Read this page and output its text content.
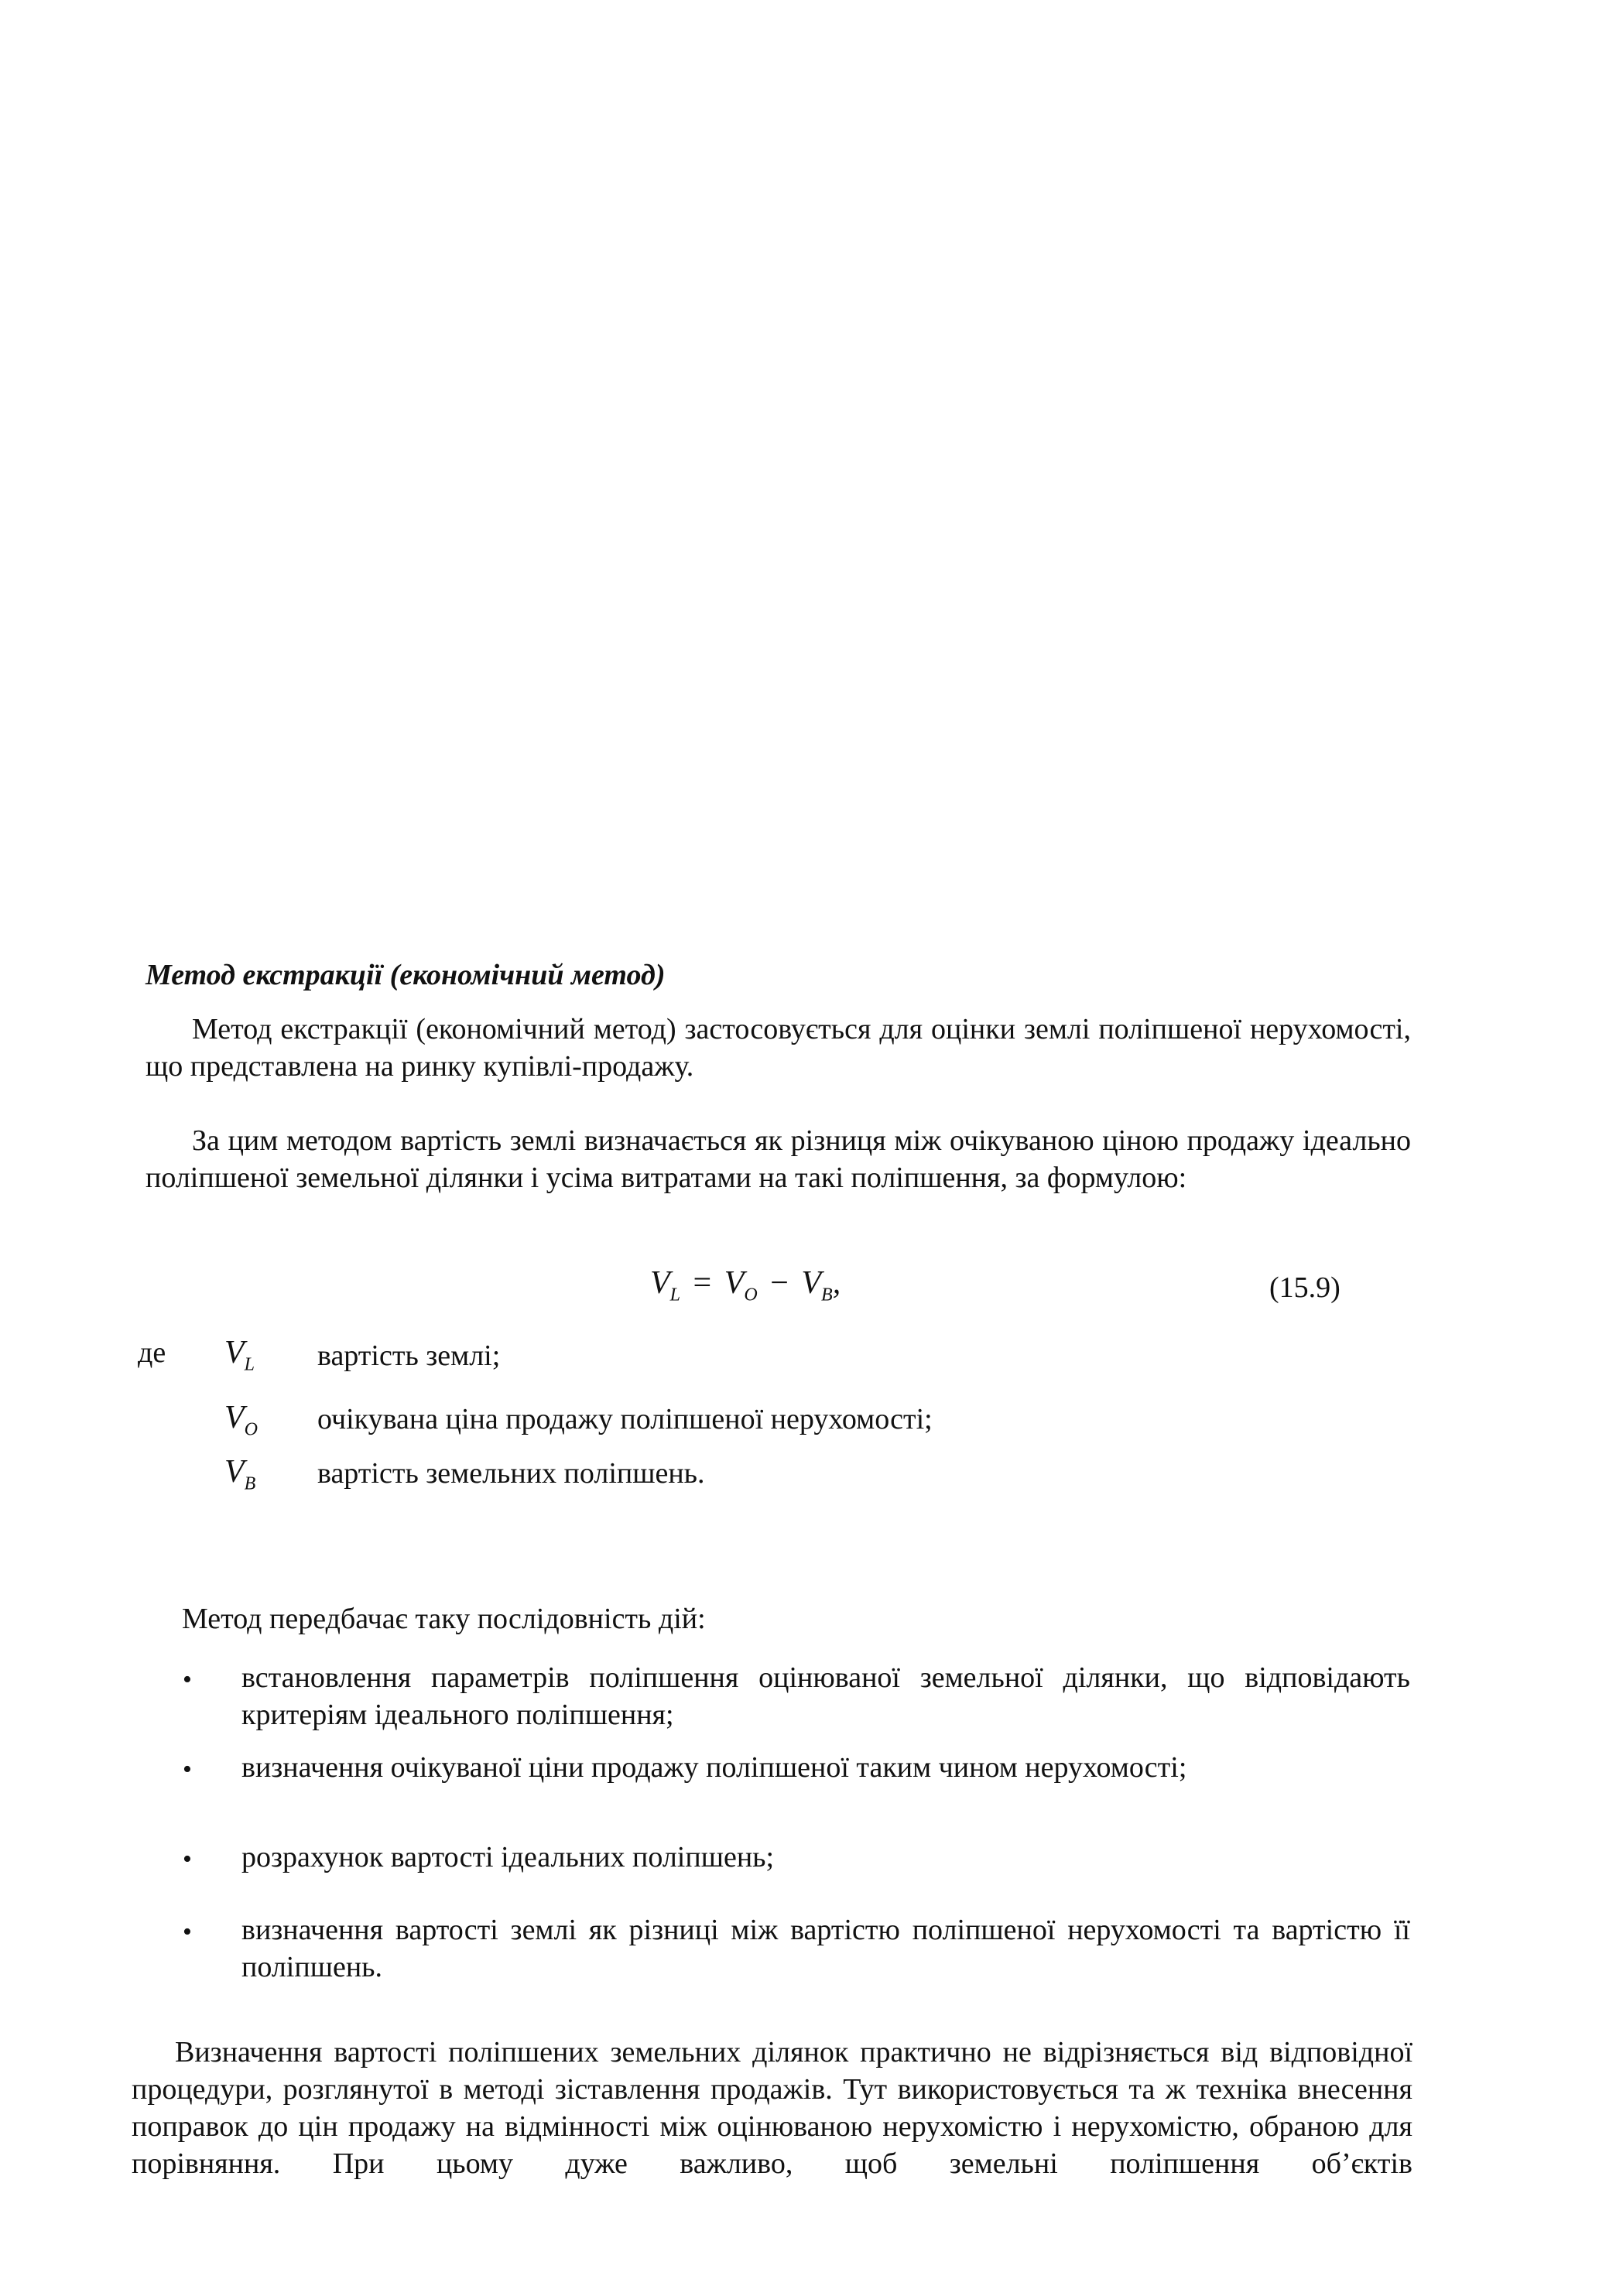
Метод екстракції (економічний метод)
Метод екстракції (економічний метод) застосовується для оцінки землі поліпшеної нерухомості, що представлена на ринку купівлі-продажу.
За цим методом вартість землі визначається як різниця між очікуваною ціною продажу ідеально поліпшеної земельної ділянки і усіма витратами на такі поліпшення, за формулою:
$V_L = V_O - V_B$,	(15.9)
де $V_L$ вартість землі;
$V_O$ очікувана ціна продажу поліпшеної нерухомості;
$V_B$ вартість земельних поліпшень.
Метод передбачає таку послідовність дій:
• встановлення параметрів поліпшення оцінюваної земельної ділянки, що відповідають критеріям ідеального поліпшення;
• визначення очікуваної ціни продажу поліпшеної таким чином нерухомості;
• розрахунок вартості ідеальних поліпшень;
• визначення вартості землі як різниці між вартістю поліпшеної нерухомості та вартістю її поліпшень.
Визначення вартості поліпшених земельних ділянок практично не відрізняється від відповідної процедури, розглянутої в методі зіставлення продажів. Тут використовується та ж техніка внесення поправок до цін продажу на відмінності між оцінюваною нерухомістю і нерухомістю, обраною для порівняння. При цьому дуже важливо, щоб земельні поліпшення об’єктів
